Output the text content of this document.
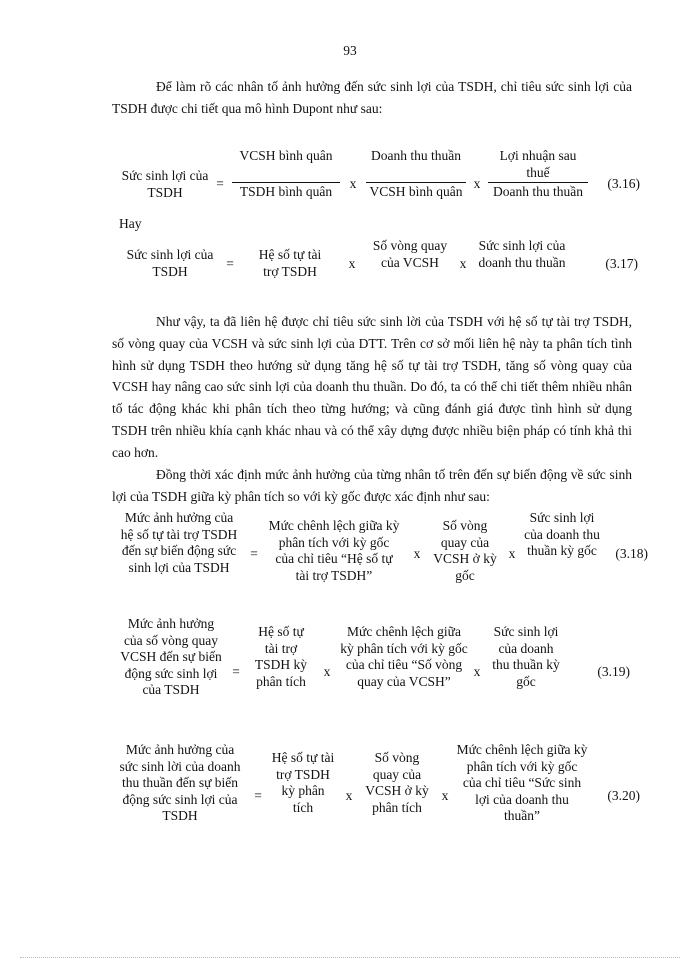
93

Để làm rõ các nhân tố ảnh hưởng đến sức sinh lợi của TSDH, chỉ tiêu sức sinh lợi của TSDH được chi tiết qua mô hình Dupont như sau:

Sức sinh lợi của TSDH
=
VCSH bình quân
TSDH bình quân
x
Doanh thu thuần
VCSH bình quân
x
Lợi nhuận sau thuế
Doanh thu thuần
(3.16)
Hay
Sức sinh lợi của TSDH	=
Hệ số tự tài trợ TSDH	x
Số vòng quay của VCSH	x
Sức sinh lợi của doanh thu thuần	(3.17)

Như vậy, ta đã liên hệ được chỉ tiêu sức sinh lời của TSDH với hệ số tự tài trợ TSDH, số vòng quay của VCSH và sức sinh lợi của DTT. Trên cơ sở mối liên hệ này ta phân tích tình hình sử dụng TSDH theo hướng sử dụng tăng hệ số tự tài trợ TSDH, tăng số vòng quay của VCSH hay nâng cao sức sinh lợi của doanh thu thuần. Do đó, ta có thể chi tiết thêm nhiều nhân tố tác động khác khi phân tích theo từng hướng; và cũng đánh giá được tình hình sử dụng TSDH trên nhiều khía cạnh khác nhau và có thể xây dựng được nhiều biện pháp có tính khả thi cao hơn.

Đồng thời xác định mức ảnh hưởng của từng nhân tố trên đến sự biến động về sức sinh lợi của TSDH giữa kỳ phân tích so với kỳ gốc được xác định như sau:

Mức ảnh hưởng của hệ số tự tài trợ TSDH đến sự biến động sức sinh lợi của TSDH
=
Mức chênh lệch giữa kỳ phân tích với kỳ gốc của chỉ tiêu “Hệ số tự tài trợ TSDH”
x
Số vòng quay của VCSH ở kỳ gốc
x
Sức sinh lợi của doanh thu thuần kỳ gốc	(3.18)
Mức ảnh hưởng của số vòng quay VCSH đến sự biến động sức sinh lợi của TSDH
=
Hệ số tự tài trợ TSDH kỳ phân tích
x
Mức chênh lệch giữa kỳ phân tích với kỳ gốc của chỉ tiêu “Số vòng quay của VCSH”
x
Sức sinh lợi của doanh thu thuần kỳ gốc
(3.19)
Mức ảnh hưởng của sức sinh lời của doanh thu thuần đến sự biến động sức sinh lợi của TSDH
=
Hệ số tự tài trợ TSDH kỳ phân tích
x
Số vòng quay của VCSH ở kỳ phân tích
x
Mức chênh lệch giữa kỳ phân tích với kỳ gốc của chỉ tiêu “Sức sinh lợi của doanh thu thuần”
(3.20)
